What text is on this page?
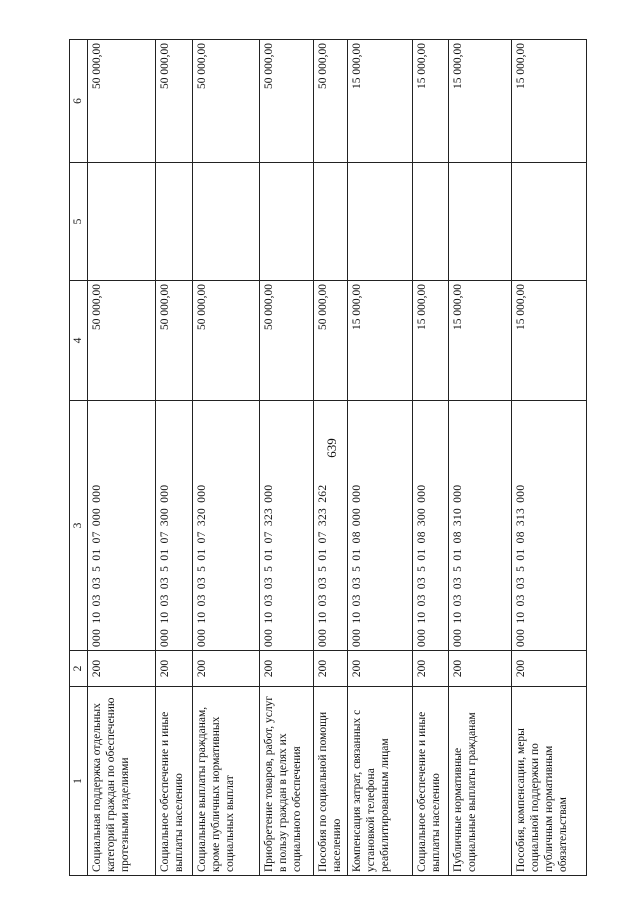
639
1	2	3	4	5	6
Социальная поддержка отдельных категорий граждан по обеспечению протезными изделиями	200	000 10 03 03 5 01 07 000 000	50 000,00		50 000,00
Социальное обеспечение и иные выплаты населению	200	000 10 03 03 5 01 07 300 000	50 000,00		50 000,00
Социальные выплаты гражданам, кроме публичных нормативных социальных выплат	200	000 10 03 03 5 01 07 320 000	50 000,00		50 000,00
Приобретение товаров, работ, услуг в пользу граждан в целях их социального обеспечения	200	000 10 03 03 5 01 07 323 000	50 000,00		50 000,00
Пособия по социальной помощи населению	200	000 10 03 03 5 01 07 323 262	50 000,00		50 000,00
Компенсация затрат, связанных с установкой телефона реабилитированным лицам	200	000 10 03 03 5 01 08 000 000	15 000,00		15 000,00
Социальное обеспечение и иные выплаты населению	200	000 10 03 03 5 01 08 300 000	15 000,00		15 000,00
Публичные нормативные социальные выплаты гражданам	200	000 10 03 03 5 01 08 310 000	15 000,00		15 000,00
Пособия, компенсации, меры социальной поддержки по публичным нормативным обязательствам	200	000 10 03 03 5 01 08 313 000	15 000,00		15 000,00
